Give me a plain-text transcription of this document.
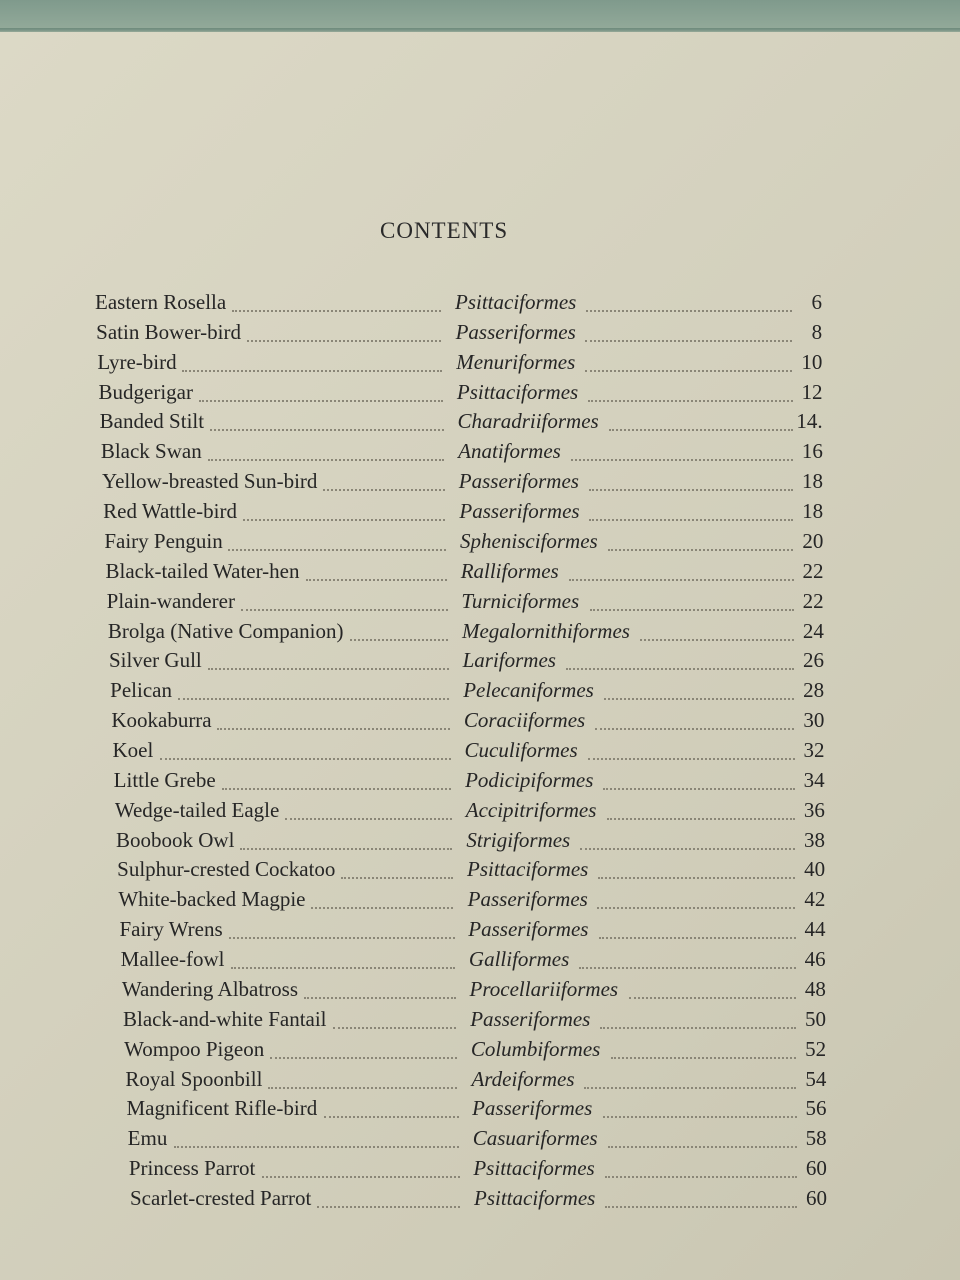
CONTENTS
Eastern Rosella	Psittaciformes	6
Satin Bower-bird	Passeriformes	8
Lyre-bird	Menuriformes	10
Budgerigar	Psittaciformes	12
Banded Stilt	Charadriiformes	14.
Black Swan	Anatiformes	16
Yellow-breasted Sun-bird	Passeriformes	18
Red Wattle-bird	Passeriformes	18
Fairy Penguin	Sphenisciformes	20
Black-tailed Water-hen	Ralliformes	22
Plain-wanderer	Turniciformes	22
Brolga (Native Companion)	Megalornithiformes	24
Silver Gull	Lariformes	26
Pelican	Pelecaniformes	28
Kookaburra	Coraciiformes	30
Koel	Cuculiformes	32
Little Grebe	Podicipiformes	34
Wedge-tailed Eagle	Accipitriformes	36
Boobook Owl	Strigiformes	38
Sulphur-crested Cockatoo	Psittaciformes	40
White-backed Magpie	Passeriformes	42
Fairy Wrens	Passeriformes	44
Mallee-fowl	Galliformes	46
Wandering Albatross	Procellariiformes	48
Black-and-white Fantail	Passeriformes	50
Wompoo Pigeon	Columbiformes	52
Royal Spoonbill	Ardeiformes	54
Magnificent Rifle-bird	Passeriformes	56
Emu	Casuariformes	58
Princess Parrot	Psittaciformes	60
Scarlet-crested Parrot	Psittaciformes	60
